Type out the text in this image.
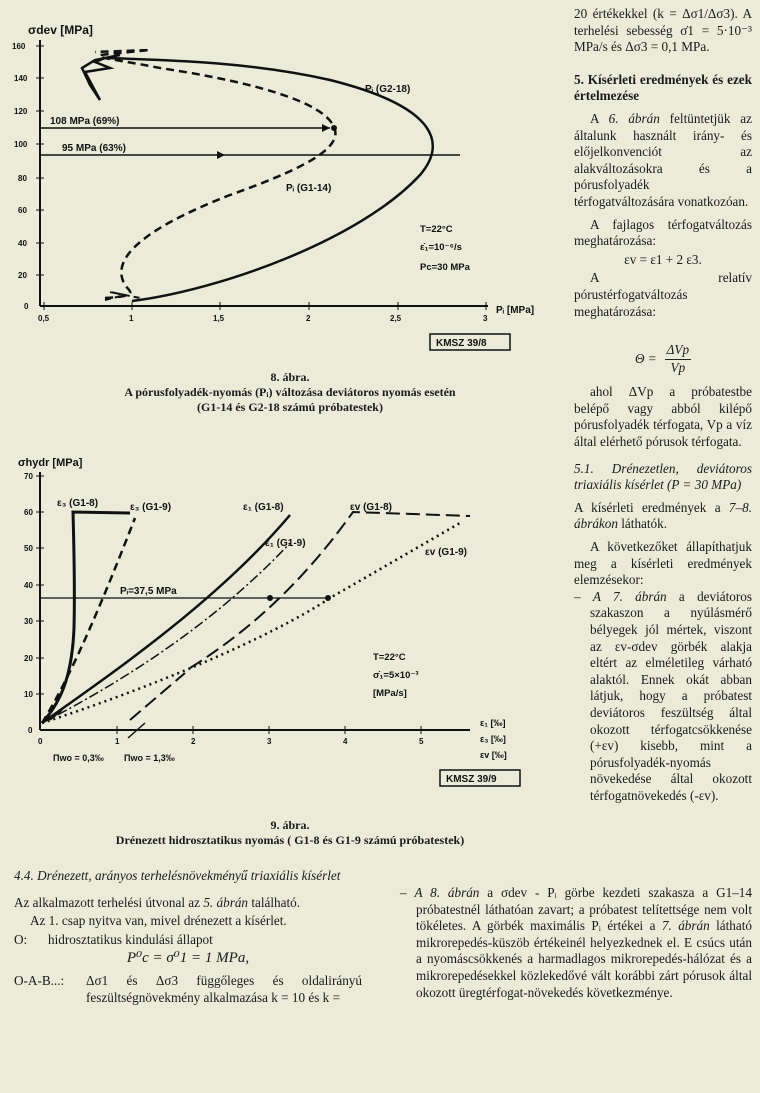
σdev [MPa]
160
140
120
100
80
60
40
20
0
0,5	1	1,5	2	2,5	3
Pᵢ [MPa]
108 MPa (69%)
95 MPa (63%)
Pᵢ (G2-18)
Pᵢ (G1-14)
T=22°C
ε̇₁=10⁻⁶/s
Pc=30 MPa
KMSZ 39/8
8. ábra.
A pórusfolyadék-nyomás (Pᵢ) változása deviátoros nyomás esetén
(G1-14 és G2-18 számú próbatestek)
σhydr [MPa]
70
60
50
40
30
20
10
0
0	1	2	3	4	5
Pᵢ=37,5 MPa
ε₃ (G1-8)	ε₃ (G1-9)	ε₁ (G1-8)
ε₁ (G1-9)
εv (G1-8)
εv (G1-9)
T=22°C
σ̇₁=5×10⁻³
[MPa/s]
ε₁ [‰]
ε₃ [‰]
εv [‰]
Πwo = 0,3‰ Πwo = 1,3‰
KMSZ 39/9
9. ábra.
Drénezett hidrosztatikus nyomás ( G1-8 és G1-9 számú próbatestek)

20 értékekkel (k = Δσ1/Δσ3). A terhelési sebesség σ̇1 = 5·10⁻³ MPa/s és Δσ3 = 0,1 MPa.

5. Kísérleti eredmények és ezek értelmezése

A 6. ábrán feltüntetjük az általunk használt irány- és előjelkonvenciót az alakváltozásokra és a pórusfolyadék térfogatváltozására vonatkozóan.

A fajlagos térfogatváltozás meghatározása:

εv = ε1 + 2 ε3.

A relatív pórustérfogatváltozás meghatározása:

$\Theta = \frac{\text{ΔVp}}{Vp}$

ahol ΔVp a próbatestbe belépő vagy abból kilépő pórusfolyadék térfogata, Vp a víz által elérhető pórusok térfogata.

5.1. Drénezetlen, deviátoros triaxiális kísérlet (P = 30 MPa)

A kísérleti eredmények a 7–8. ábrákon láthatók.

A következőket állapíthatjuk meg a kísérleti eredmények elemzésekor:

– A 7. ábrán a deviátoros szakaszon a nyúlásmérő bélyegek jól mértek, viszont az εv-σdev görbék alakja eltért az elméletileg várható alaktól. Ennek okát abban látjuk, hogy a próbatest deviátoros feszültség által okozott térfogatcsökkenése (+εv) kisebb, mint a pórusfolyadék-nyomás növekedése által okozott térfogatnövekedés (-εv).

– A 8. ábrán a σdev - Pᵢ görbe kezdeti szakasza a G1–14 próbatestnél láthatóan zavart; a próbatest telítettsége nem volt tökéletes. A görbék maximális Pᵢ értékei a 7. ábrán látható mikrorepedés-küszöb értékeinél helyezkednek el. E csúcs után a nyomáscsökkenés a harmadlagos mikrorepedés-hálózat és a mikrorepedésekkel közlekedővé vált korábbi zárt pórusok által okozott üregtérfogat-növekedés következménye.

4.4. Drénezett, arányos terhelésnövekményű triaxiális kísérlet

Az alkalmazott terhelési útvonal az 5. ábrán található.

Az 1. csap nyitva van, mivel drénezett a kísérlet.

O: hidrosztatikus kindulási állapot

P⁰c = σ⁰1 = 1 MPa,

O-A-B...: Δσ1 és Δσ3 függőleges és oldalirányú feszültségnövekmény alkalmazása k = 10 és k =
